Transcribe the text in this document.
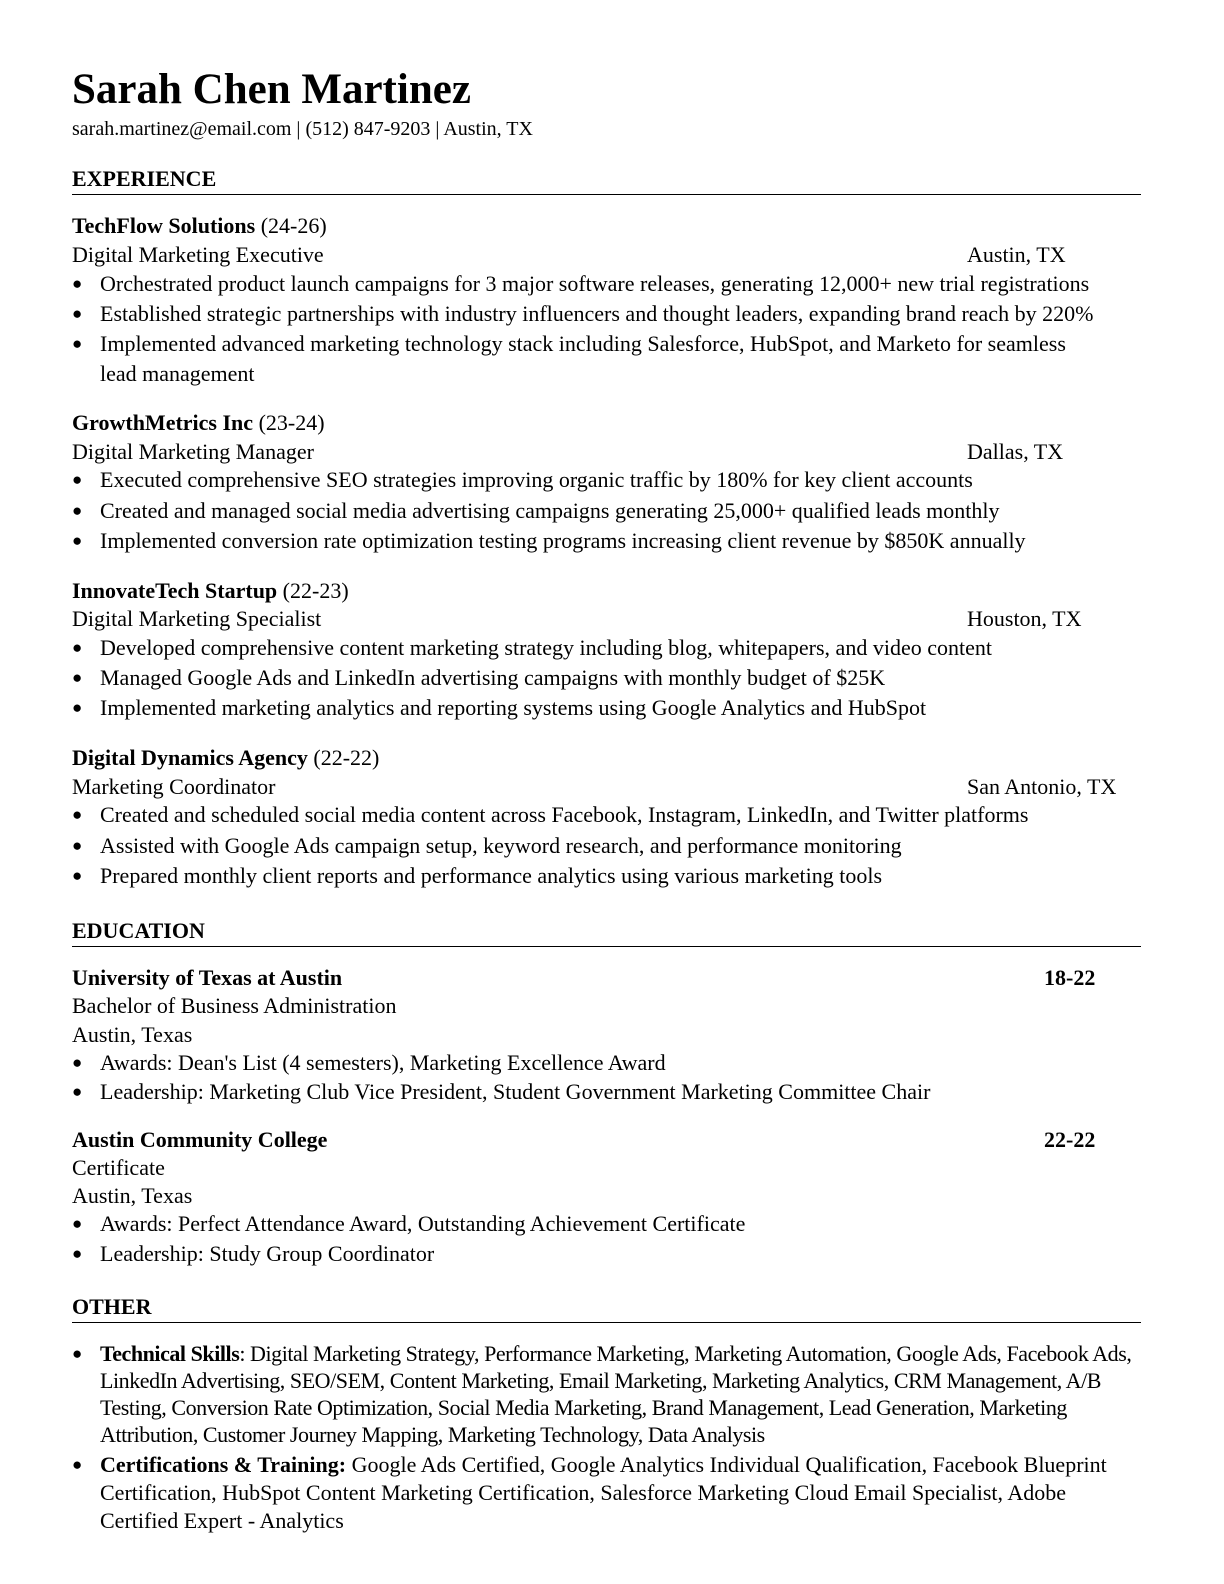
Sarah Chen Martinez
sarah.martinez@email.com | (512) 847-9203 | Austin, TX
EXPERIENCE
TechFlow Solutions (24-26)
Digital Marketing Executive	Austin, TX
● Orchestrated product launch campaigns for 3 major software releases, generating 12,000+ new trial registrations
● Established strategic partnerships with industry influencers and thought leaders, expanding brand reach by 220%
● Implemented advanced marketing technology stack including Salesforce, HubSpot, and Marketo for seamless
lead management
GrowthMetrics Inc (23-24)
Digital Marketing Manager	Dallas, TX
● Executed comprehensive SEO strategies improving organic traffic by 180% for key client accounts
● Created and managed social media advertising campaigns generating 25,000+ qualified leads monthly
● Implemented conversion rate optimization testing programs increasing client revenue by $850K annually
InnovateTech Startup (22-23)
Digital Marketing Specialist	Houston, TX
● Developed comprehensive content marketing strategy including blog, whitepapers, and video content
● Managed Google Ads and LinkedIn advertising campaigns with monthly budget of $25K
● Implemented marketing analytics and reporting systems using Google Analytics and HubSpot
Digital Dynamics Agency (22-22)
Marketing Coordinator	San Antonio, TX
● Created and scheduled social media content across Facebook, Instagram, LinkedIn, and Twitter platforms
● Assisted with Google Ads campaign setup, keyword research, and performance monitoring
● Prepared monthly client reports and performance analytics using various marketing tools
EDUCATION
University of Texas at Austin	18-22
Bachelor of Business Administration
Austin, Texas
● Awards: Dean's List (4 semesters), Marketing Excellence Award
● Leadership: Marketing Club Vice President, Student Government Marketing Committee Chair
Austin Community College	22-22
Certificate
Austin, Texas
● Awards: Perfect Attendance Award, Outstanding Achievement Certificate
● Leadership: Study Group Coordinator
OTHER
● Technical Skills: Digital Marketing Strategy, Performance Marketing, Marketing Automation, Google Ads, Facebook Ads, LinkedIn Advertising, SEO/SEM, Content Marketing, Email Marketing, Marketing Analytics, CRM Management, A/B Testing, Conversion Rate Optimization, Social Media Marketing, Brand Management, Lead Generation, Marketing Attribution, Customer Journey Mapping, Marketing Technology, Data Analysis
● Certifications & Training: Google Ads Certified, Google Analytics Individual Qualification, Facebook Blueprint Certification, HubSpot Content Marketing Certification, Salesforce Marketing Cloud Email Specialist, Adobe Certified Expert - Analytics
